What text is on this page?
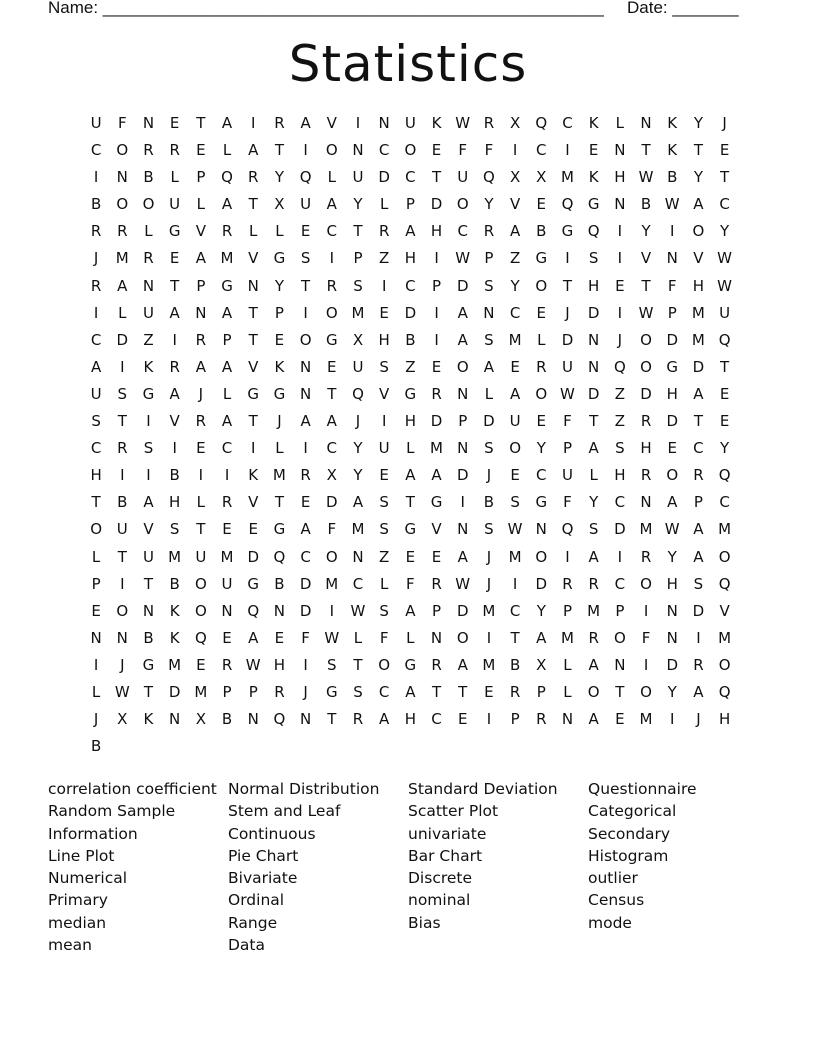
Name: _____________________________________________________ Date: _______
Statistics
U	F	N	E	T	A	I	R	A	V	I	N	U	K W R	X	Q	C	K	L	N	K	Y	J
C	O	R	R	E	L	A	T	I	O N	C	O	E	F	F	I	C	I	E	N	T	K	T	E
I	N	B	L	P	Q	R	Y	Q	L	U D	C	T	U Q	X	X M K	H W B	Y	T
B	O O U	L	A	T	X	U	A	Y	L	P	D O	Y	V	E	Q G N	B W A	C
R	R	L	G	V	R	L	L	E	C	T	R	A	H	C	R	A	B	G Q	I	Y	I	O	Y
J	M R	E	A M V	G	S	I	P	Z	H	I	W P	Z	G	I	S	I	V	N	V W
R	A	N	T	P	G N	Y	T	R	S	I	C	P	D	S	Y	O	T	H	E	T	F	H W
I	L	U	A	N	A	T	P	I	O M E	D	I	A	N	C	E	J	D	I	W P	M U
C	D	Z	I	R	P	T	E	O G	X	H	B	I	A	S M	L	D N	J	O D M Q
A	I	K	R	A	A	V	K	N	E	U	S	Z	E	O	A	E	R	U	N Q O G D	T
U	S	G	A	J	L	G G N	T	Q	V	G	R	N	L	A	O W D	Z	D H	A	E
S	T	I	V	R	A	T	J	A	A	J	I	H D	P	D U	E	F	T	Z	R	D	T	E
C	R	S	I	E	C	I	L	I	C	Y	U	L	M N	S	O	Y	P	A	S	H	E	C	Y
H	I	I	B	I	I	K M R	X	Y	E	A	A	D	J	E	C	U	L	H	R	O	R	Q
T	B	A	H	L	R	V	T	E	D	A	S	T	G	I	B	S	G	F	Y	C	N	A	P	C
O U	V	S	T	E	E	G	A	F	M S	G	V	N	S W N Q	S	D M W A M
L	T	U M U M D Q	C	O N	Z	E	E	A	J	M O	I	A	I	R	Y	A	O
P	I	T	B	O U G	B	D M C	L	F	R W	J	I	D	R	R	C	O H	S	Q
E	O N	K	O N Q N D	I	W S	A	P	D M C	Y	P	M	P	I	N D	V
N N	B	K	Q	E	A	E	F W L	F	L	N O	I	T	A M R	O	F	N	I	M
I	J	G M E	R W H	I	S	T	O G	R	A M B	X	L	A	N	I	D	R	O
L W T	D M	P	P	R	J	G	S	C	A	T	T	E	R	P	L	O	T	O	Y	A	Q
J	X	K	N	X	B	N Q N	T	R	A	H	C	E	I	P	R	N	A	E M	I	J	H
B
correlation coefficient
Random Sample
Information
Line Plot
Numerical
Primary
median
mean
Normal Distribution
Stem and Leaf
Continuous
Pie Chart
Bivariate
Ordinal
Range
Data
Standard Deviation
Scatter Plot
univariate
Bar Chart
Discrete
nominal
Bias
Questionnaire
Categorical
Secondary
Histogram
outlier
Census
mode
